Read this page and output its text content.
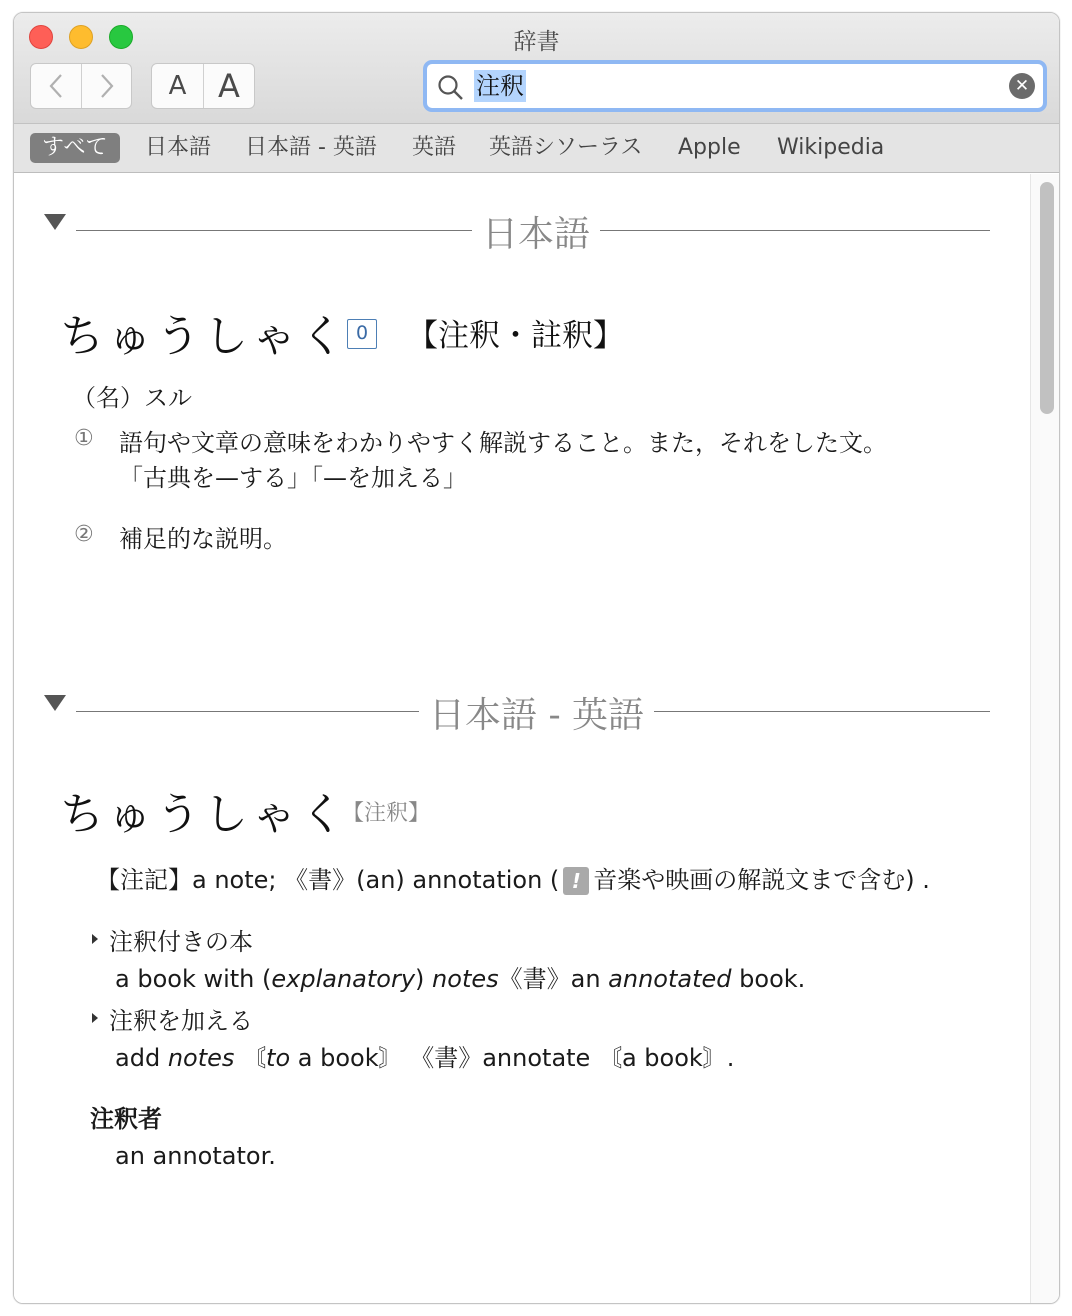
辞書
A A	注釈	✕
すべて	日本語 日本語 - 英語 英語 英語シソーラス Apple Wikipedia
日本語
ちゅうしゃく 0 【注釈・註釈】
（名）スル
① 語句や文章の意味をわかりやすく解説すること。また，それをした文。
「古典を—する」「—を加える」
② 補足的な説明。
日本語 - 英語
ちゅうしゃく
【注釈】
【注記】a note; 《書》(an) annotation ( ! 音楽や映画の解説文まで含む) .
注釈付きの本
a book with (explanatory) notes《書》an annotated book.
注釈を加える
add notes 〘to a book〙 《書》annotate 〘a book〙.
注釈者
an annotator.
